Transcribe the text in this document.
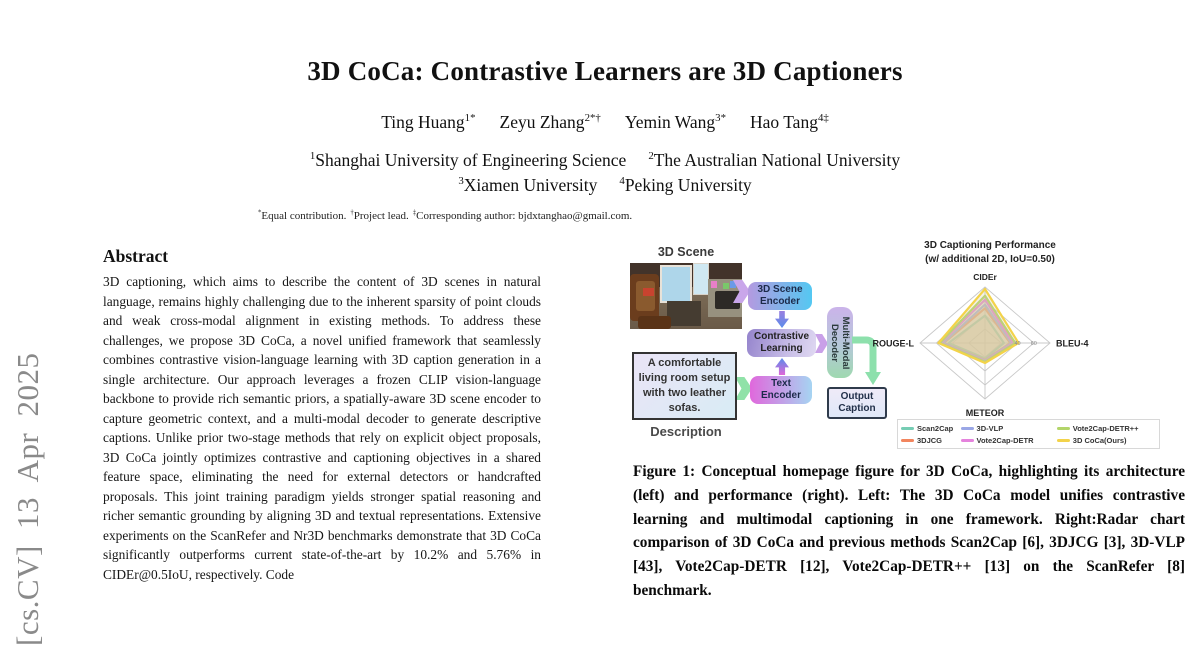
[cs.CV] 13 Apr 2025
3D CoCa: Contrastive Learners are 3D Captioners
Ting Huang$^{1*}$ Zeyu Zhang$^{2*\dagger}$ Yemin Wang$^{3*}$ Hao Tang$^{4\ddagger}$
$^1$Shanghai University of Engineering Science $^2$The Australian National University
$^3$Xiamen University $^4$Peking University
*Equal contribution. †Project lead. ‡Corresponding author: bjdxtanghao@gmail.com.
Abstract
3D captioning, which aims to describe the content of 3D scenes in natural language, remains highly challenging due to the inherent sparsity of point clouds and weak cross-modal alignment in existing methods. To address these challenges, we propose 3D CoCa, a novel unified framework that seamlessly combines contrastive vision-language learning with 3D caption generation in a single architecture. Our approach leverages a frozen CLIP vision-language backbone to provide rich semantic priors, a spatially-aware 3D scene encoder to capture geometric context, and a multi-modal decoder to generate descriptive captions. Unlike prior two-stage methods that rely on explicit object proposals, 3D CoCa jointly optimizes contrastive and captioning objectives in a shared feature space, eliminating the need for external detectors or handcrafted proposals. This joint training paradigm yields stronger spatial reasoning and richer semantic grounding by aligning 3D and textual representations. Extensive experiments on the ScanRefer and Nr3D benchmarks demonstrate that 3D CoCa significantly outperforms current state-of-the-art by 10.2% and 5.76% in CIDEr@0.5IoU, respectively. Code
3D Scene
3D Scene
Encoder
Contrastive
Learning
Text
Encoder
Multi-Modal
Decoder
Output
Caption
A comfortable living room setup with two leather sofas.
Description
3D Captioning Performance
(w/ additional 2D, IoU=0.50)
CIDEr
BLEU-4
METEOR
ROUGE-L	40 60
Scan2Cap
3DJCG
3D-VLP
Vote2Cap-DETR
Vote2Cap-DETR++
3D CoCa(Ours)
Figure 1: Conceptual homepage figure for 3D CoCa, highlighting its architecture (left) and performance (right). Left: The 3D CoCa model unifies contrastive learning and multimodal captioning in one framework. Right:Radar chart comparison of 3D CoCa and previous methods Scan2Cap [6], 3DJCG [3], 3D-VLP [43], Vote2Cap-DETR [12], Vote2Cap-DETR++ [13] on the ScanRefer [8] benchmark.
